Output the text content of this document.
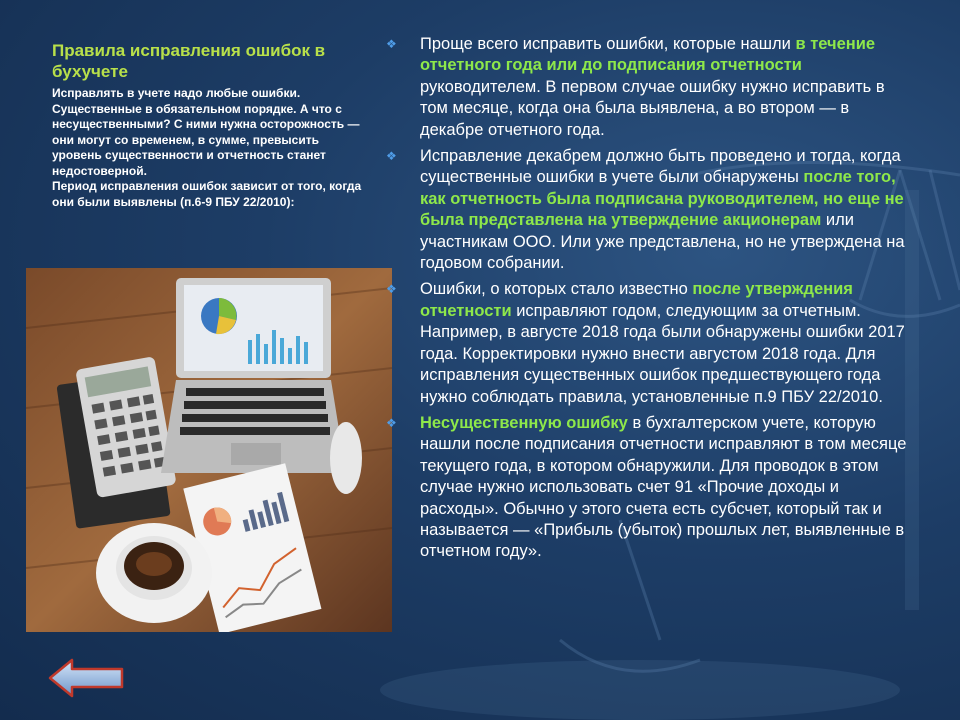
Правила исправления ошибок в бухучете

Исправлять в учете надо любые ошибки. Существенные в обязательном порядке. А что с несущественными? С ними нужна осторожность — они могут со временем, в сумме, превысить уровень существенности и отчетность станет недостоверной.

Период исправления ошибок зависит от того, когда они были выявлены (п.6-9 ПБУ 22/2010):

❖ Проще всего исправить ошибки, которые нашли в течение отчетного года или до подписания отчетности руководителем. В первом случае ошибку нужно исправить в том месяце, когда она была выявлена, а во втором — в декабре отчетного года.
❖ Исправление декабрем должно быть проведено и тогда, когда существенные ошибки в учете были обнаружены после того, как отчетность была подписана руководителем, но еще не была представлена на утверждение акционерам или участникам ООО. Или уже представлена, но не утверждена на годовом собрании.
❖ Ошибки, о которых стало известно после утверждения отчетности исправляют годом, следующим за отчетным. Например, в августе 2018 года были обнаружены ошибки 2017 года. Корректировки нужно внести августом 2018 года. Для исправления существенных ошибок предшествующего года нужно соблюдать правила, установленные п.9 ПБУ 22/2010.
❖ Несущественную ошибку в бухгалтерском учете, которую нашли после подписания отчетности исправляют в том месяце текущего года, в котором обнаружили. Для проводок в этом случае нужно использовать счет 91 «Прочие доходы и расходы». Обычно у этого счета есть субсчет, который так и называется — «Прибыль (убыток) прошлых лет, выявленные в отчетном году».
